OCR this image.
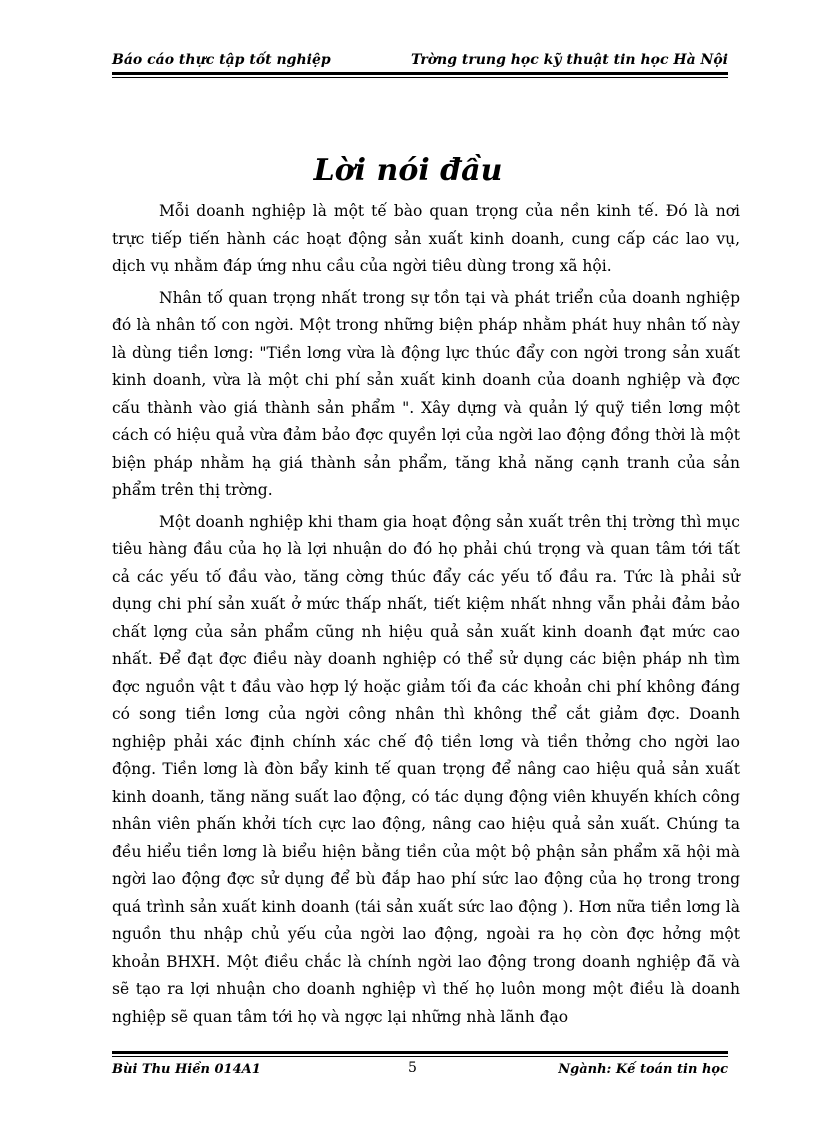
Báo cáo thực tập tốt nghiệp	Trờng trung học kỹ thuật tin học Hà Nội
Lời nói đầu

Mỗi doanh nghiệp là một tế bào quan trọng của nền kinh tế. Đó là nơi trực tiếp tiến hành các hoạt động sản xuất kinh doanh, cung cấp các lao vụ, dịch vụ nhằm đáp ứng nhu cầu của ngời tiêu dùng trong xã hội.

Nhân tố quan trọng nhất trong sự tồn tại và phát triển của doanh nghiệp đó là nhân tố con ngời. Một trong những biện pháp nhằm phát huy nhân tố này là dùng tiền lơng: "Tiền lơng vừa là động lực thúc đẩy con ngời trong sản xuất kinh doanh, vừa là một chi phí sản xuất kinh doanh của doanh nghiệp và đợc cấu thành vào giá thành sản phẩm ". Xây dựng và quản lý quỹ tiền lơng một cách có hiệu quả vừa đảm bảo đợc quyền lợi của ngời lao động đồng thời là một biện pháp nhằm hạ giá thành sản phẩm, tăng khả năng cạnh tranh của sản phẩm trên thị trờng.

Một doanh nghiệp khi tham gia hoạt động sản xuất trên thị trờng thì mục tiêu hàng đầu của họ là lợi nhuận do đó họ phải chú trọng và quan tâm tới tất cả các yếu tố đầu vào, tăng cờng thúc đẩy các yếu tố đầu ra. Tức là phải sử dụng chi phí sản xuất ở mức thấp nhất, tiết kiệm nhất nhng vẫn phải đảm bảo chất lợng của sản phẩm cũng nh hiệu quả sản xuất kinh doanh đạt mức cao nhất. Để đạt đợc điều này doanh nghiệp có thể sử dụng các biện pháp nh tìm đợc nguồn vật t đầu vào hợp lý hoặc giảm tối đa các khoản chi phí không đáng có song tiền lơng của ngời công nhân thì không thể cắt giảm đợc. Doanh nghiệp phải xác định chính xác chế độ tiền lơng và tiền thởng cho ngời lao động. Tiền lơng là đòn bẩy kinh tế quan trọng để nâng cao hiệu quả sản xuất kinh doanh, tăng năng suất lao động, có tác dụng động viên khuyến khích công nhân viên phấn khởi tích cực lao động, nâng cao hiệu quả sản xuất. Chúng ta đều hiểu tiền lơng là biểu hiện bằng tiền của một bộ phận sản phẩm xã hội mà ngời lao động đợc sử dụng để bù đắp hao phí sức lao động của họ trong trong quá trình sản xuất kinh doanh (tái sản xuất sức lao động ). Hơn nữa tiền lơng là nguồn thu nhập chủ yếu của ngời lao động, ngoài ra họ còn đợc hởng một khoản BHXH. Một điều chắc là chính ngời lao động trong doanh nghiệp đã và sẽ tạo ra lợi nhuận cho doanh nghiệp vì thế họ luôn mong một điều là doanh nghiệp sẽ quan tâm tới họ và ngợc lại những nhà lãnh đạo

Bùi Thu Hiền 014A1	5	Ngành: Kế toán tin học
